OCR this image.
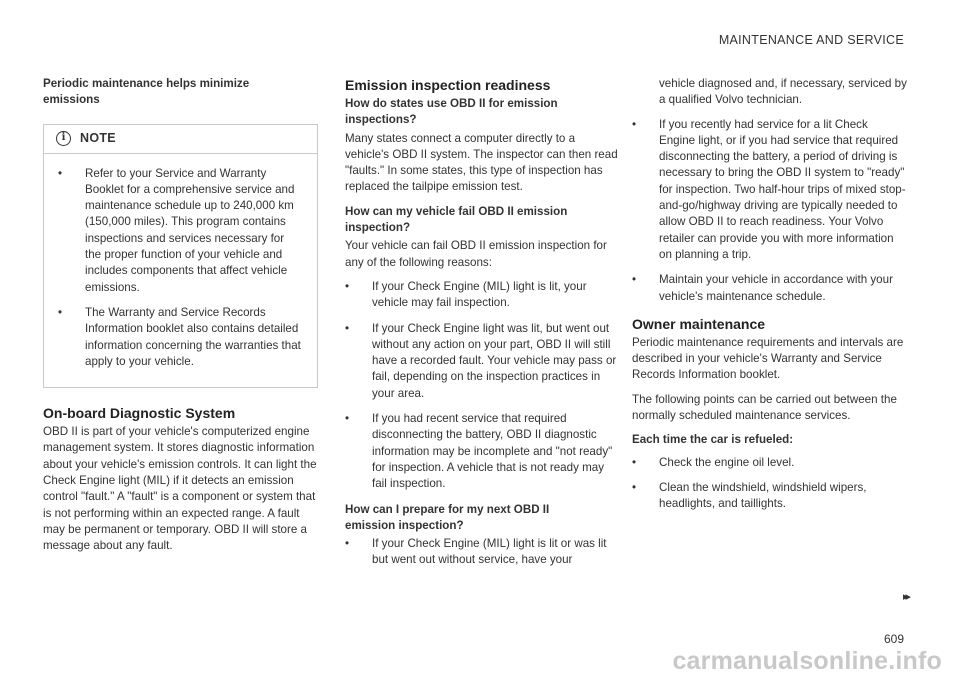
MAINTENANCE AND SERVICE
Periodic maintenance helps minimize emissions
i	NOTE
• Refer to your Service and Warranty Booklet for a comprehensive service and maintenance schedule up to 240,000 km (150,000 miles). This program contains inspections and services necessary for the proper function of your vehicle and includes components that affect vehicle emissions.
• The Warranty and Service Records Information booklet also contains detailed information concerning the warranties that apply to your vehicle.
On-board Diagnostic System

OBD II is part of your vehicle's computerized engine management system. It stores diagnostic information about your vehicle's emission controls. It can light the Check Engine light (MIL) if it detects an emission control "fault." A "fault" is a component or system that is not performing within an expected range. A fault may be permanent or temporary. OBD II will store a message about any fault.

Emission inspection readiness
How do states use OBD II for emission inspections?

Many states connect a computer directly to a vehicle's OBD II system. The inspector can then read "faults." In some states, this type of inspection has replaced the tailpipe emission test.

How can my vehicle fail OBD II emission inspection?

Your vehicle can fail OBD II emission inspection for any of the following reasons:

• If your Check Engine (MIL) light is lit, your vehicle may fail inspection.
• If your Check Engine light was lit, but went out without any action on your part, OBD II will still have a recorded fault. Your vehicle may pass or fail, depending on the inspection practices in your area.
• If you had recent service that required disconnecting the battery, OBD II diagnostic information may be incomplete and "not ready" for inspection. A vehicle that is not ready may fail inspection.
How can I prepare for my next OBD II emission inspection?
• If your Check Engine (MIL) light is lit or was lit but went out without service, have your

vehicle diagnosed and, if necessary, serviced by a qualified Volvo technician.

• If you recently had service for a lit Check Engine light, or if you had service that required disconnecting the battery, a period of driving is necessary to bring the OBD II system to "ready" for inspection. Two half-hour trips of mixed stop-and-go/highway driving are typically needed to allow OBD II to reach readiness. Your Volvo retailer can provide you with more information on planning a trip.
• Maintain your vehicle in accordance with your vehicle's maintenance schedule.
Owner maintenance

Periodic maintenance requirements and intervals are described in your vehicle's Warranty and Service Records Information booklet.

The following points can be carried out between the normally scheduled maintenance services.

Each time the car is refueled:
• Check the engine oil level.
• Clean the windshield, windshield wipers, headlights, and taillights.
▸▸
609
carmanualsonline.info
